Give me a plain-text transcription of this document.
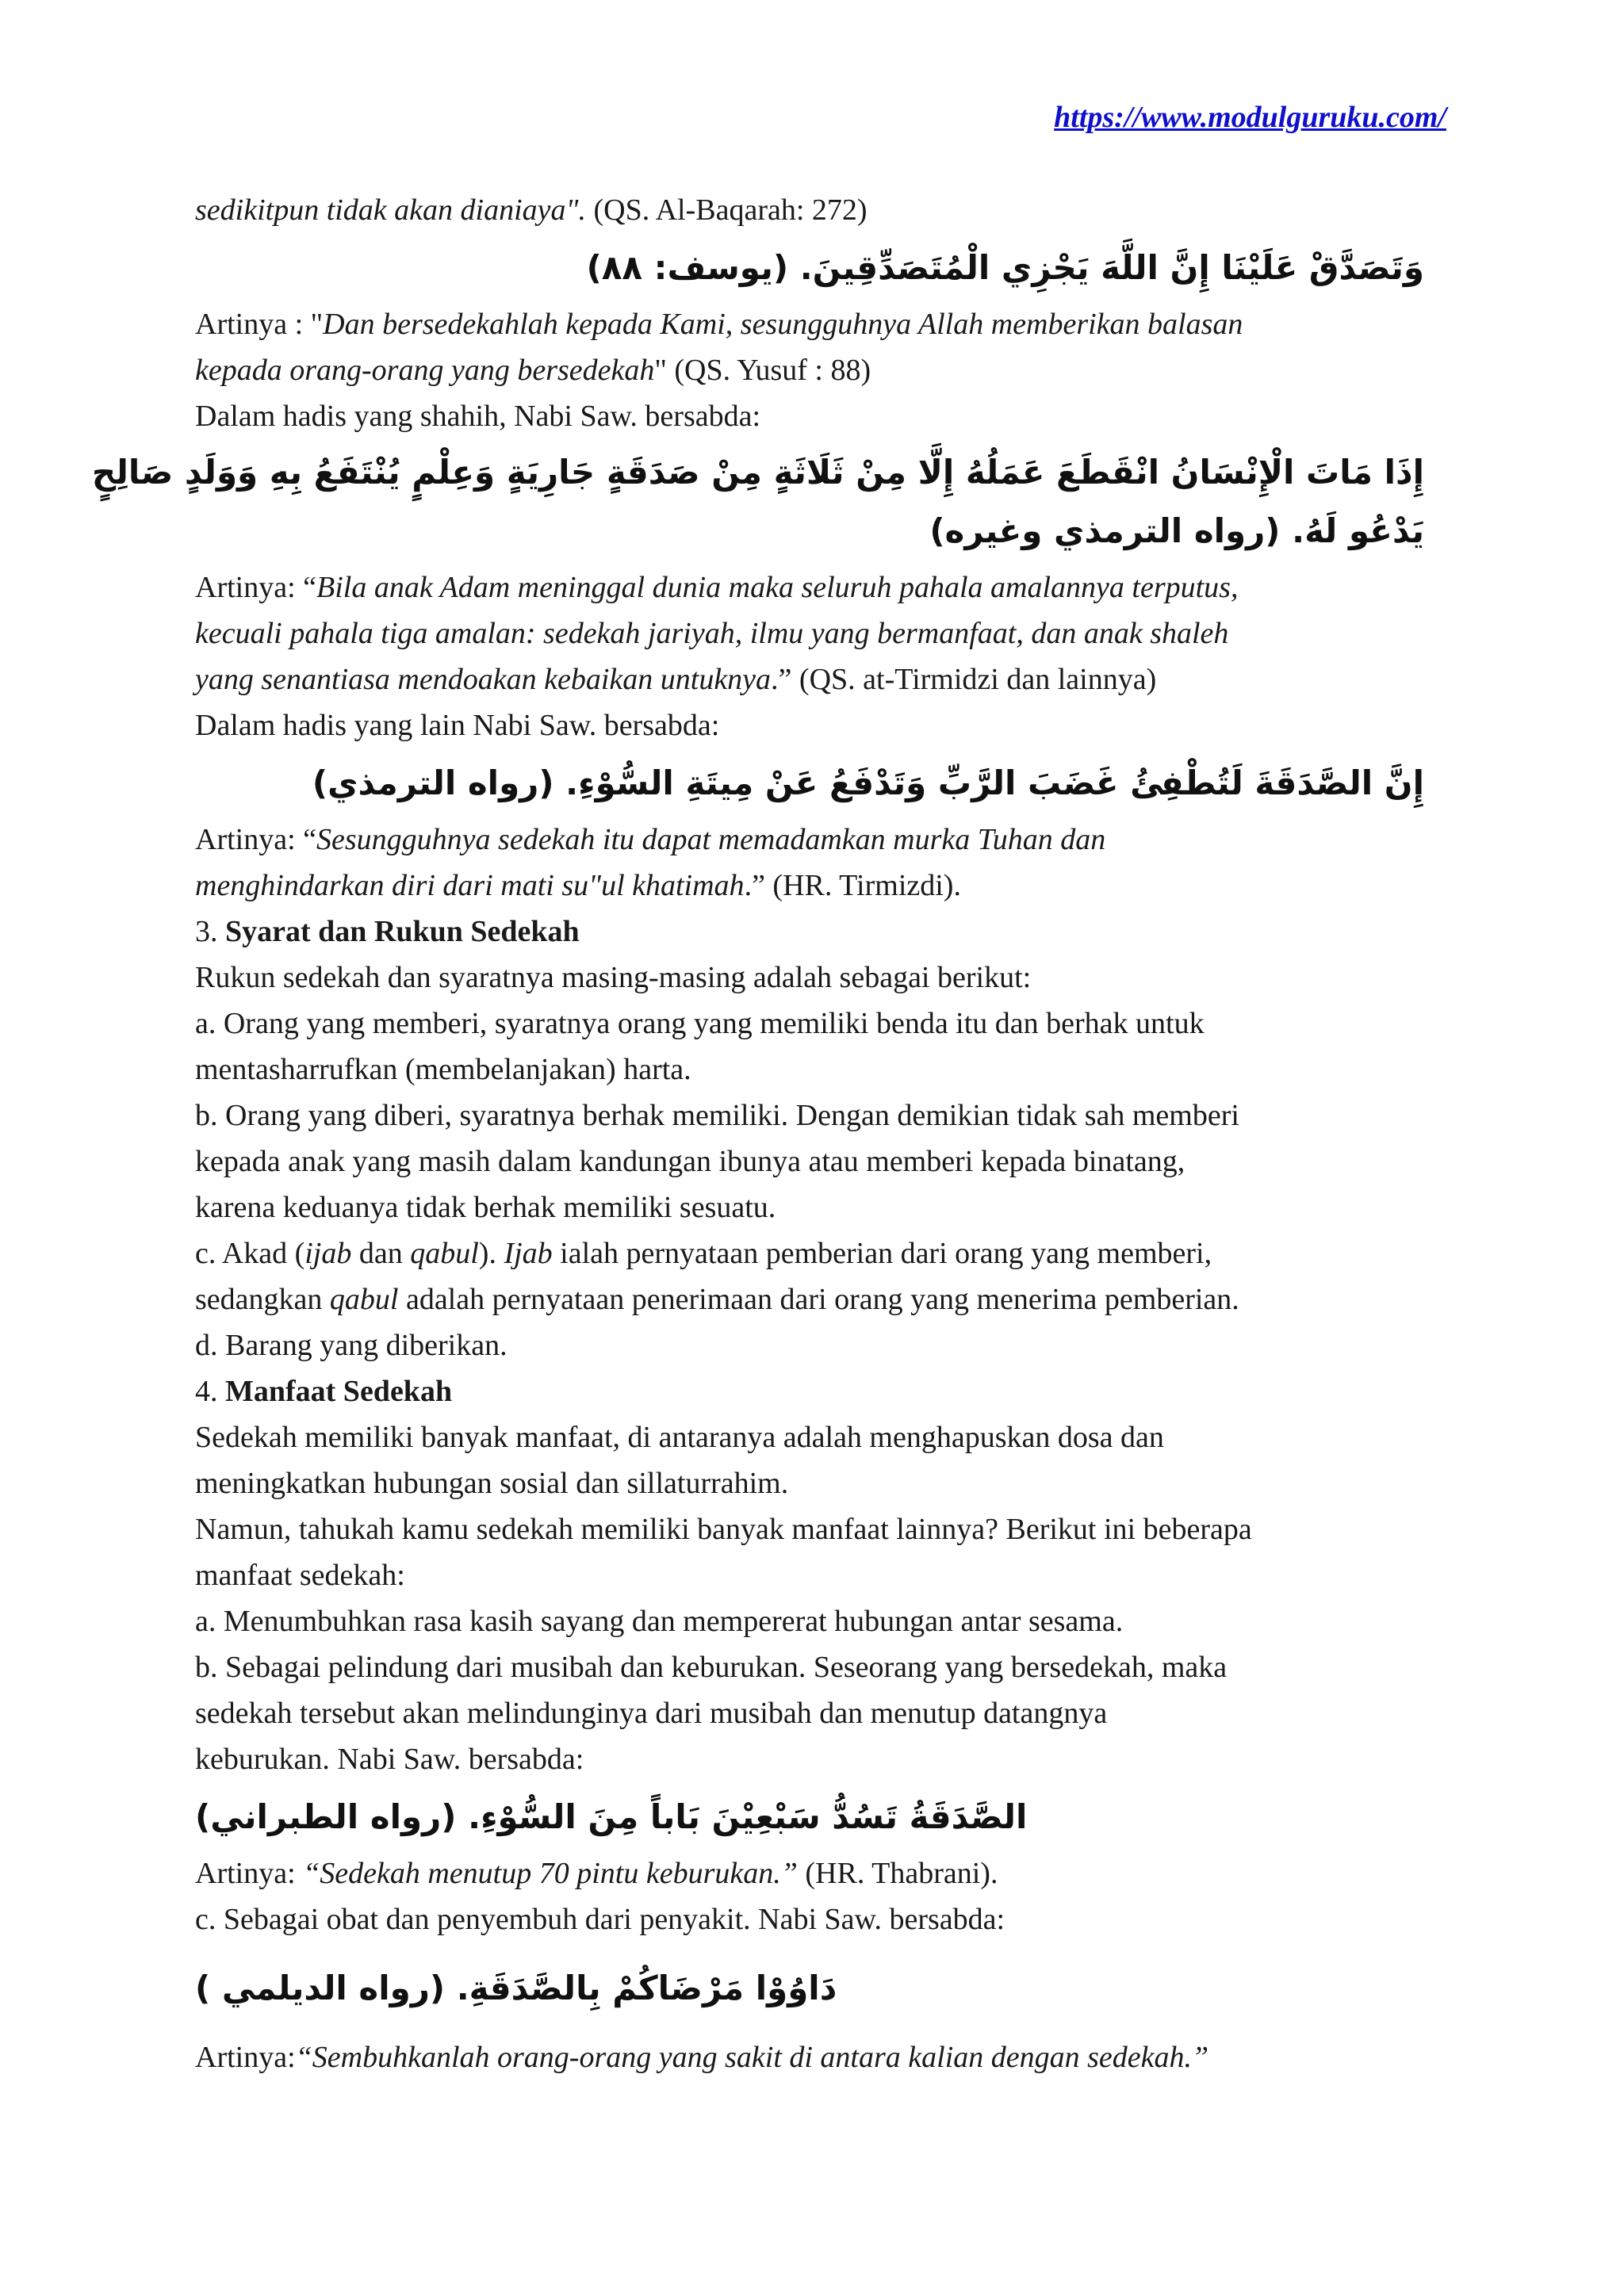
https://www.modulguruku.com/
sedikitpun tidak akan dianiaya". (QS. Al-Baqarah: 272)
وَتَصَدَّقْ عَلَيْنَا إِنَّ اللَّهَ يَجْزِي الْمُتَصَدِّقِينَ. (يوسف: ٨٨)
Artinya : "Dan bersedekahlah kepada Kami, sesungguhnya Allah memberikan balasan
kepada orang-orang yang bersedekah" (QS. Yusuf : 88)
Dalam hadis yang shahih, Nabi Saw. bersabda:
إِذَا مَاتَ الْإِنْسَانُ انْقَطَعَ عَمَلُهُ إِلَّا مِنْ ثَلَاثَةٍ مِنْ صَدَقَةٍ جَارِيَةٍ وَعِلْمٍ يُنْتَفَعُ بِهِ وَوَلَدٍ صَالِحٍ
يَدْعُو لَهُ. (رواه الترمذي وغيره)
Artinya: “Bila anak Adam meninggal dunia maka seluruh pahala amalannya terputus,
kecuali pahala tiga amalan: sedekah jariyah, ilmu yang bermanfaat, dan anak shaleh
yang senantiasa mendoakan kebaikan untuknya.” (QS. at-Tirmidzi dan lainnya)
Dalam hadis yang lain Nabi Saw. bersabda:
إِنَّ الصَّدَقَةَ لَتُطْفِئُ غَضَبَ الرَّبِّ وَتَدْفَعُ عَنْ مِيتَةِ السُّوْءِ. (رواه الترمذي)
Artinya: “Sesungguhnya sedekah itu dapat memadamkan murka Tuhan dan
menghindarkan diri dari mati su"ul khatimah.” (HR. Tirmizdi).
3. Syarat dan Rukun Sedekah
Rukun sedekah dan syaratnya masing-masing adalah sebagai berikut:
a. Orang yang memberi, syaratnya orang yang memiliki benda itu dan berhak untuk
mentasharrufkan (membelanjakan) harta.
b. Orang yang diberi, syaratnya berhak memiliki. Dengan demikian tidak sah memberi
kepada anak yang masih dalam kandungan ibunya atau memberi kepada binatang,
karena keduanya tidak berhak memiliki sesuatu.
c. Akad (ijab dan qabul). Ijab ialah pernyataan pemberian dari orang yang memberi,
sedangkan qabul adalah pernyataan penerimaan dari orang yang menerima pemberian.
d. Barang yang diberikan.
4. Manfaat Sedekah
Sedekah memiliki banyak manfaat, di antaranya adalah menghapuskan dosa dan
meningkatkan hubungan sosial dan sillaturrahim.
Namun, tahukah kamu sedekah memiliki banyak manfaat lainnya? Berikut ini beberapa
manfaat sedekah:
a. Menumbuhkan rasa kasih sayang dan mempererat hubungan antar sesama.
b. Sebagai pelindung dari musibah dan keburukan. Seseorang yang bersedekah, maka
sedekah tersebut akan melindunginya dari musibah dan menutup datangnya
keburukan. Nabi Saw. bersabda:
الصَّدَقَةُ تَسُدُّ سَبْعِيْنَ بَاباً مِنَ السُّوْءِ. (رواه الطبراني)
Artinya: “Sedekah menutup 70 pintu keburukan.” (HR. Thabrani).
c. Sebagai obat dan penyembuh dari penyakit. Nabi Saw. bersabda:
دَاوُوْا مَرْضَاكُمْ بِالصَّدَقَةِ. (رواه الديلمي )
Artinya:“Sembuhkanlah orang-orang yang sakit di antara kalian dengan sedekah.”
